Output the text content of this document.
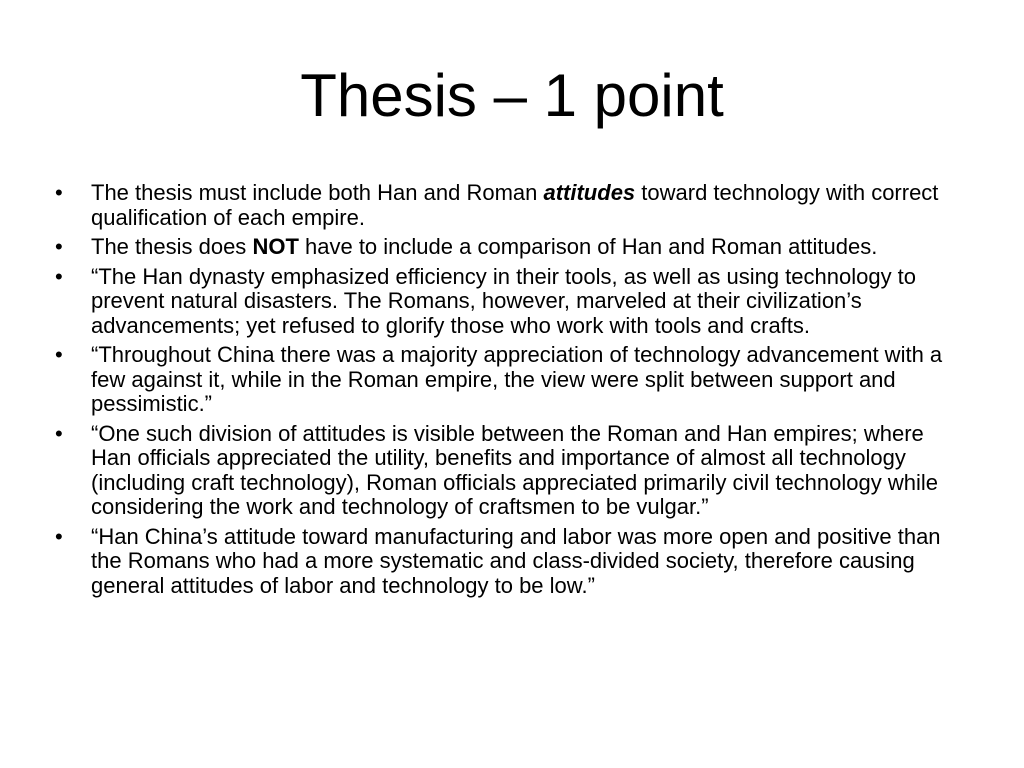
Thesis – 1 point
•	The thesis must include both Han and Roman attitudes toward technology with correct qualification of each empire.
•	The thesis does NOT have to include a comparison of Han and Roman attitudes.
•	“The Han dynasty emphasized efficiency in their tools, as well as using technology to prevent natural disasters. The Romans, however, marveled at their civilization’s advancements; yet refused to glorify those who work with tools and crafts.
•	“Throughout China there was a majority appreciation of technology advancement with a few against it, while in the Roman empire, the view were split between support and pessimistic.”
•	“One such division of attitudes is visible between the Roman and Han empires; where Han officials appreciated the utility, benefits and importance of almost all technology (including craft technology), Roman officials appreciated primarily civil technology while considering the work and technology of craftsmen to be vulgar.”
•	“Han China’s attitude toward manufacturing and labor was more open and positive than the Romans who had a more systematic and class-divided society, therefore causing general attitudes of labor and technology to be low.”
